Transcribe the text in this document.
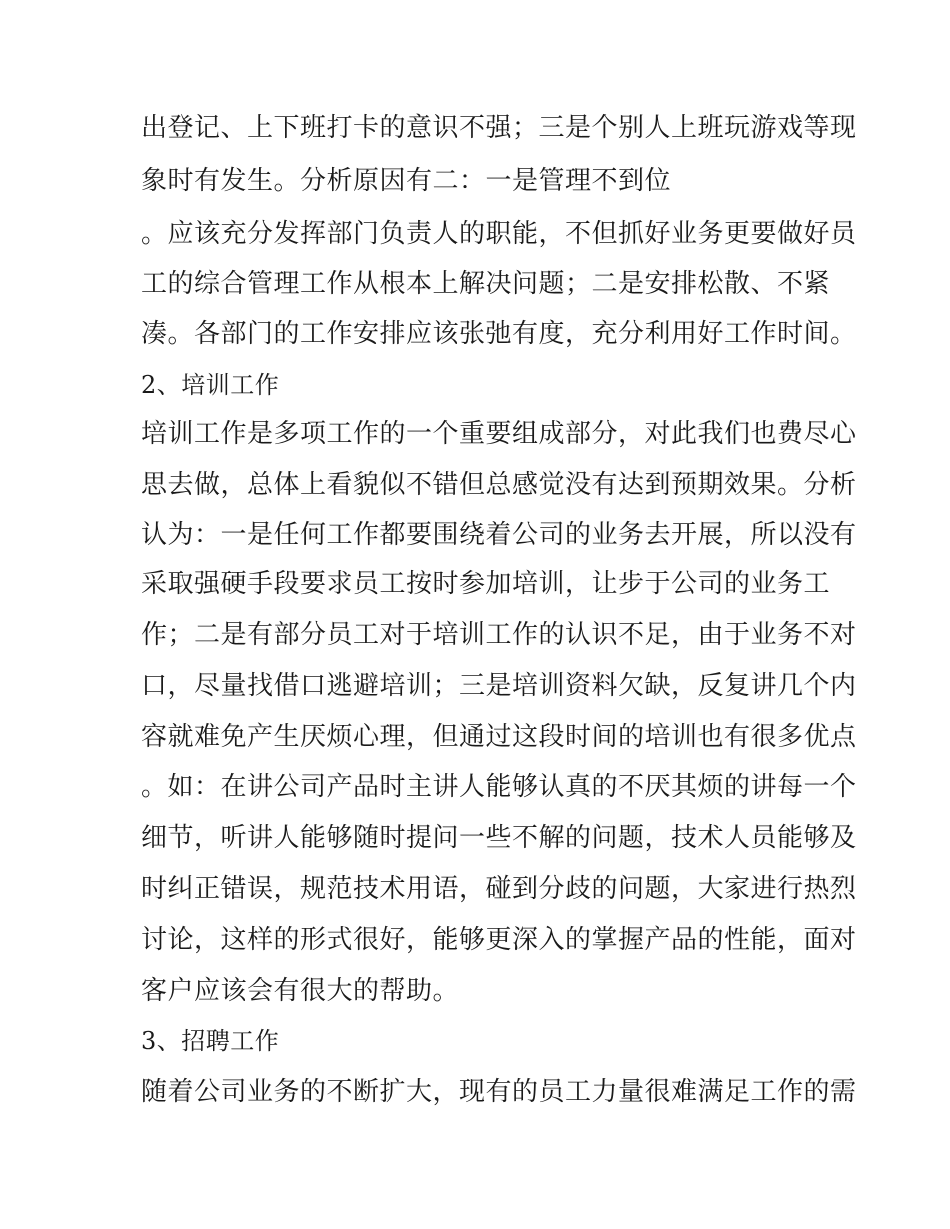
出登记、上下班打卡的意识不强；三是个别人上班玩游戏等现
象时有发生。分析原因有二：一是管理不到位
。应该充分发挥部门负责人的职能，不但抓好业务更要做好员
工的综合管理工作从根本上解决问题；二是安排松散、不紧
凑。各部门的工作安排应该张弛有度，充分利用好工作时间。
2、培训工作
培训工作是多项工作的一个重要组成部分，对此我们也费尽心
思去做，总体上看貌似不错但总感觉没有达到预期效果。分析
认为：一是任何工作都要围绕着公司的业务去开展，所以没有
采取强硬手段要求员工按时参加培训，让步于公司的业务工
作；二是有部分员工对于培训工作的认识不足，由于业务不对
口，尽量找借口逃避培训；三是培训资料欠缺，反复讲几个内
容就难免产生厌烦心理，但通过这段时间的培训也有很多优点
。如：在讲公司产品时主讲人能够认真的不厌其烦的讲每一个
细节，听讲人能够随时提问一些不解的问题，技术人员能够及
时纠正错误，规范技术用语，碰到分歧的问题，大家进行热烈
讨论，这样的形式很好，能够更深入的掌握产品的性能，面对
客户应该会有很大的帮助。
3、招聘工作
随着公司业务的不断扩大，现有的员工力量很难满足工作的需
